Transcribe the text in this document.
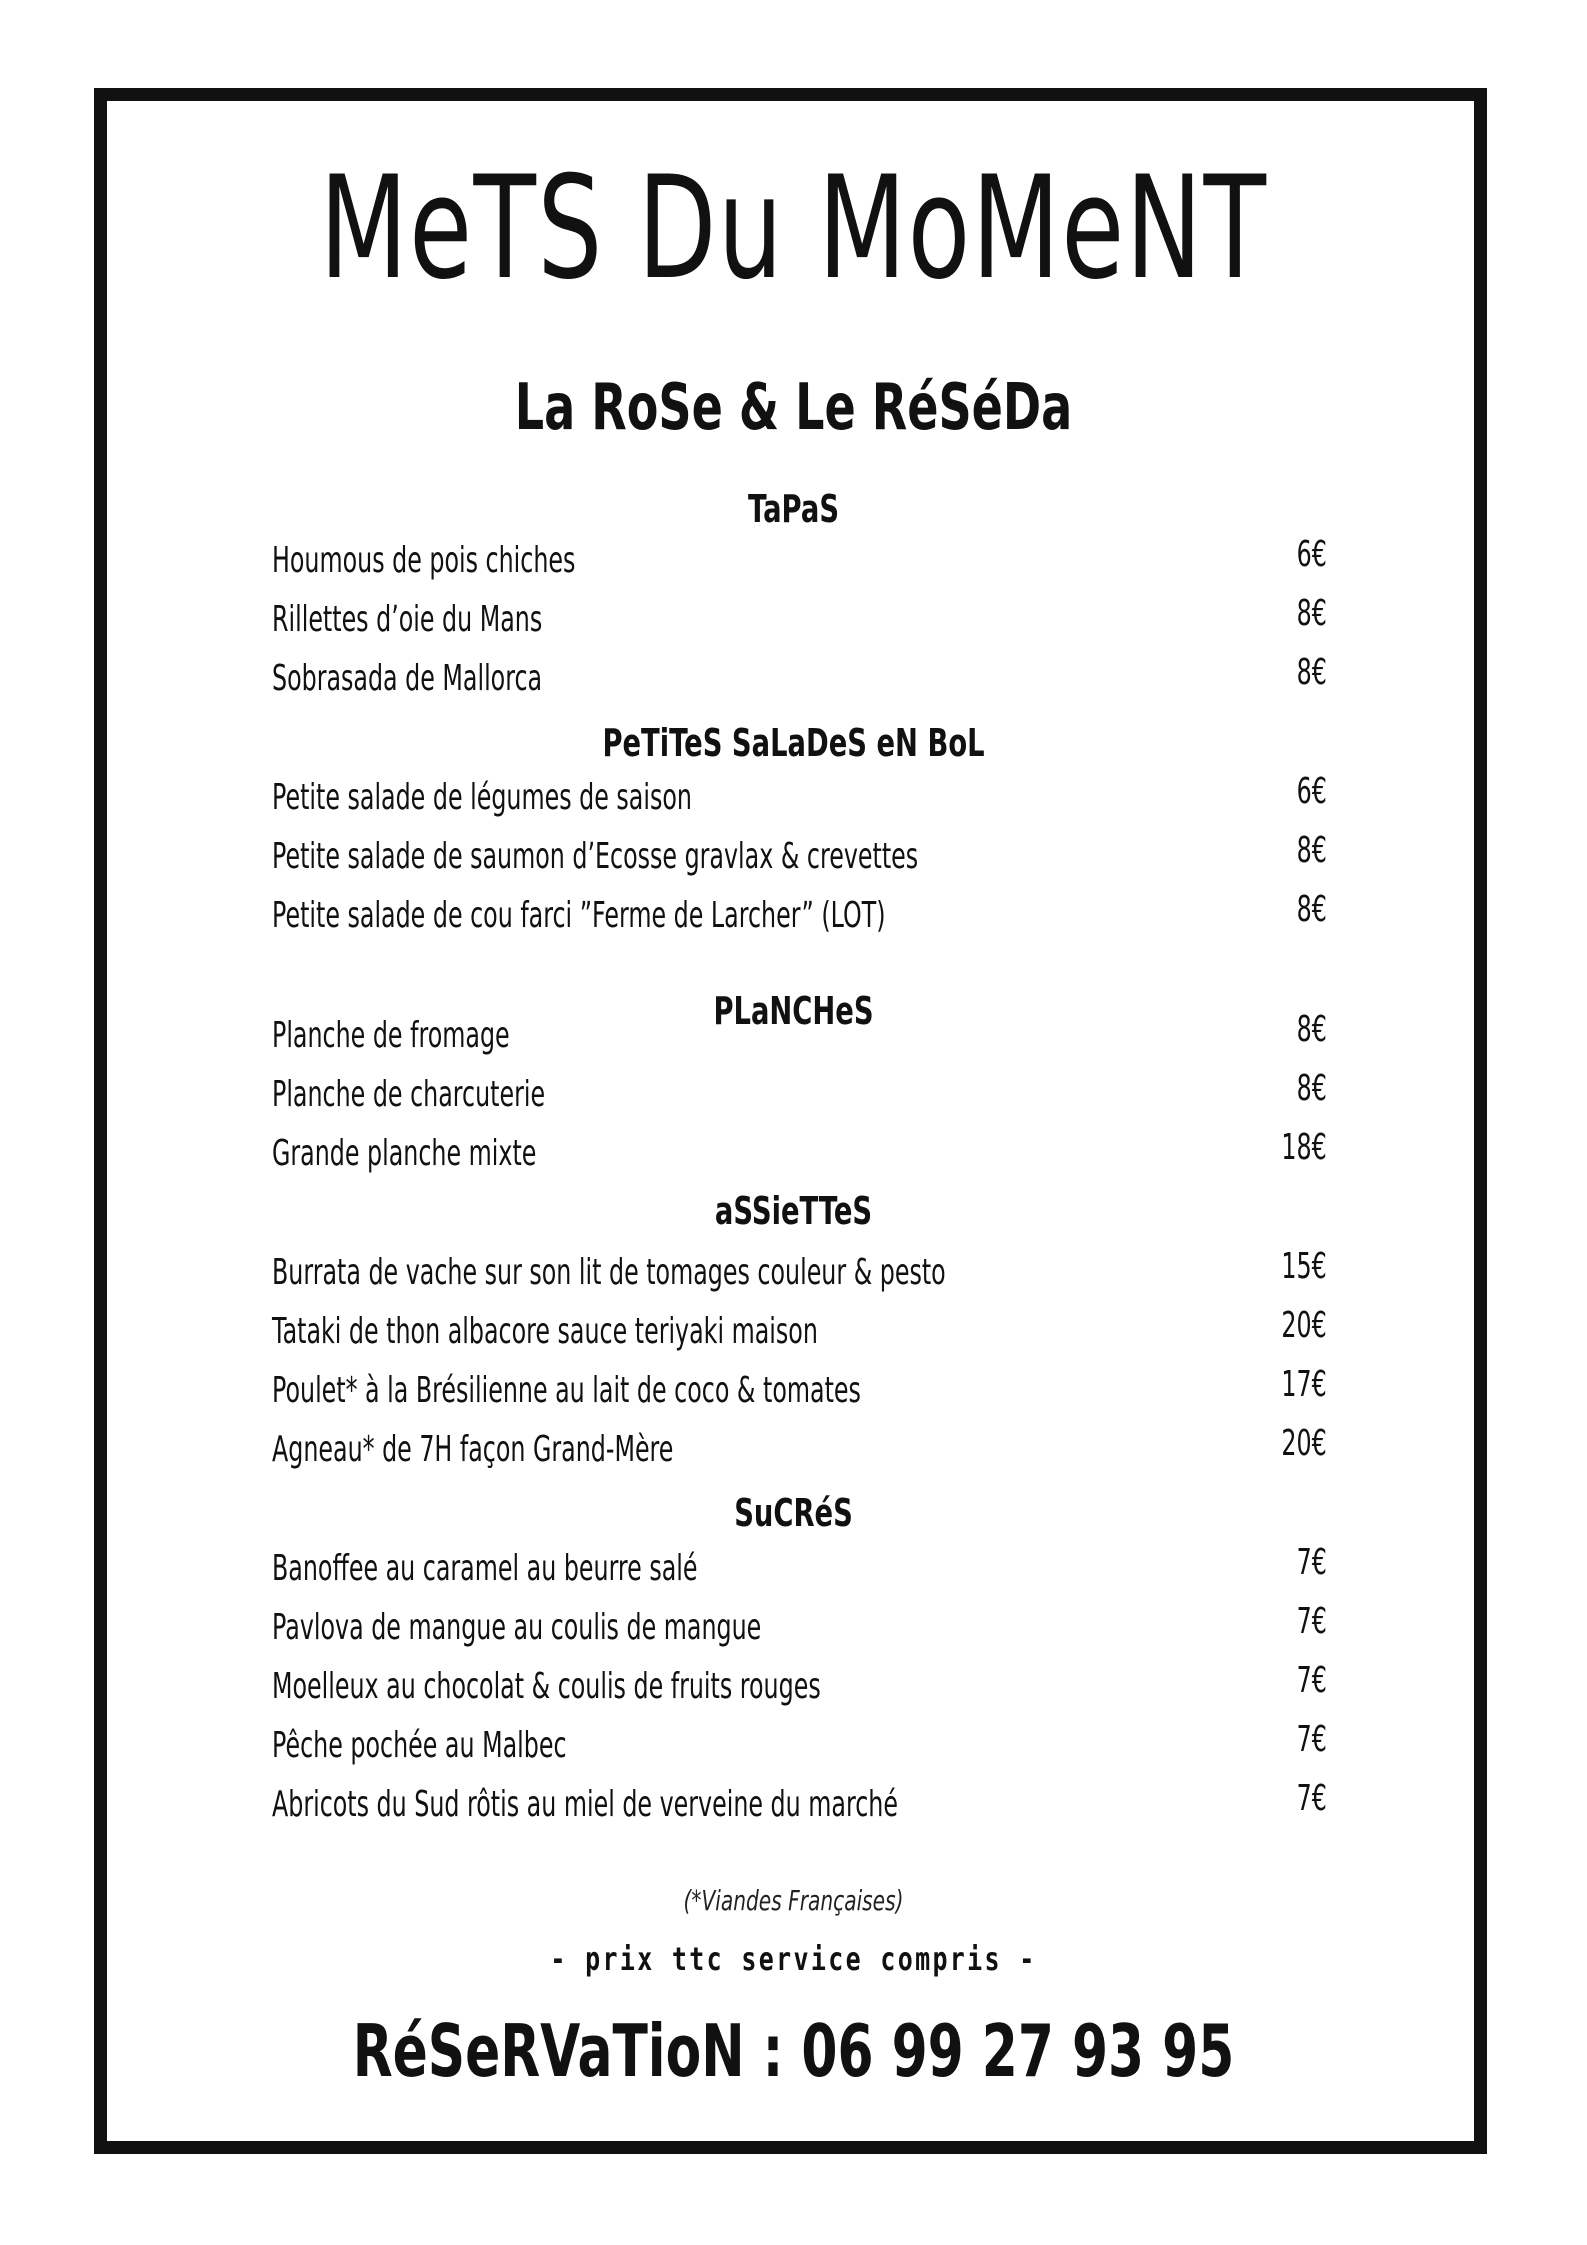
MeTS Du MoMeNT
La RoSe & Le RéSéDa
TaPaS
Houmous de pois chiches	6€
Rillettes d’oie du Mans	8€
Sobrasada de Mallorca	8€
PeTiTeS SaLaDeS eN BoL
Petite salade de légumes de saison	6€
Petite salade de saumon d’Ecosse gravlax & crevettes	8€
Petite salade de cou farci ”Ferme de Larcher” (LOT)	8€
PLaNCHeS
Planche de fromage	8€
Planche de charcuterie	8€
Grande planche mixte	18€
aSSieTTeS
Burrata de vache sur son lit de tomages couleur & pesto	15€
Tataki de thon albacore sauce teriyaki maison	20€
Poulet* à la Brésilienne au lait de coco & tomates	17€
Agneau* de 7H façon Grand-Mère	20€
SuCRéS
Banoffee au caramel au beurre salé	7€
Pavlova de mangue au coulis de mangue	7€
Moelleux au chocolat & coulis de fruits rouges	7€
Pêche pochée au Malbec	7€
Abricots du Sud rôtis au miel de verveine du marché	7€
(*Viandes Françaises)
- prix ttc service compris -
RéSeRVaTioN : 06 99 27 93 95
